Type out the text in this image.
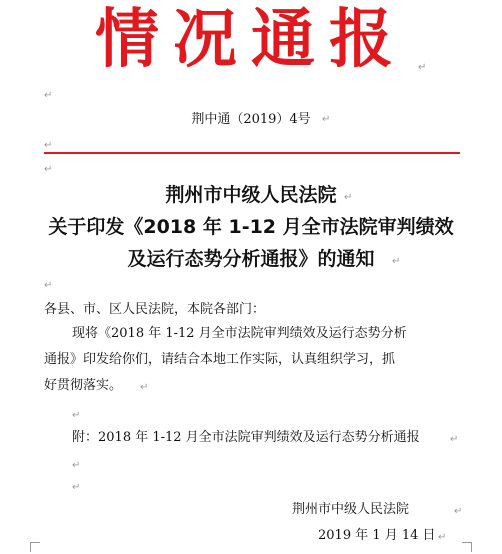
情况通报	↵
↵
荆中通（2019）4号	↵
↵
↵
荆州市中级人民法院 ↵
关于印发《2018 年 1-12 月全市法院审判绩效
及运行态势分析通报》的通知	↵
↵
各县、市、区人民法院，本院各部门：
现将《2018 年 1-12 月全市法院审判绩效及运行态势分析
通报》印发给你们，请结合本地工作实际，认真组织学习，抓
好贯彻落实。 ↵
↵
附：2018 年 1-12 月全市法院审判绩效及运行态势分析通报	↵
↵
↵
荆州市中级人民法院	↵
2019 年 1 月 14 日 ↵
